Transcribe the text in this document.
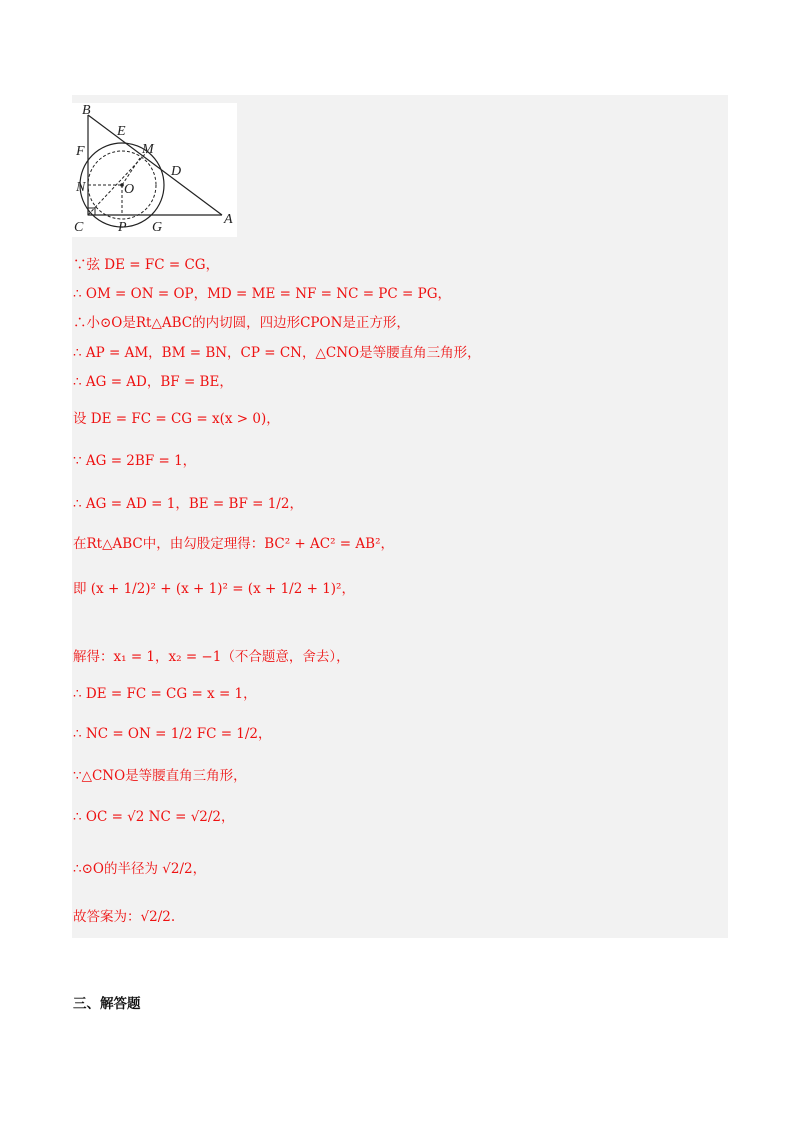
B
E
F	M
D
N	O
C P G
A
∵弦 DE = FC = CG，
∴ OM = ON = OP，MD = ME = NF = NC = PC = PG，
∴小⊙O是Rt△ABC的内切圆，四边形CPON是正方形，
∴ AP = AM，BM = BN，CP = CN，△CNO是等腰直角三角形，
∴ AG = AD，BF = BE，
设 DE = FC = CG = x(x > 0)，
∵ AG = 2BF = 1，
∴ AG = AD = 1，BE = BF = 1/2，
在Rt△ABC中，由勾股定理得：BC² + AC² = AB²，
即 (x + 1/2)² + (x + 1)² = (x + 1/2 + 1)²，
解得：x₁ = 1，x₂ = −1（不合题意，舍去），
∴ DE = FC = CG = x = 1，
∴ NC = ON = 1/2 FC = 1/2，
∵△CNO是等腰直角三角形，
∴ OC = √2 NC = √2/2，
∴⊙O的半径为 √2/2，
故答案为：√2/2.
三、解答题
